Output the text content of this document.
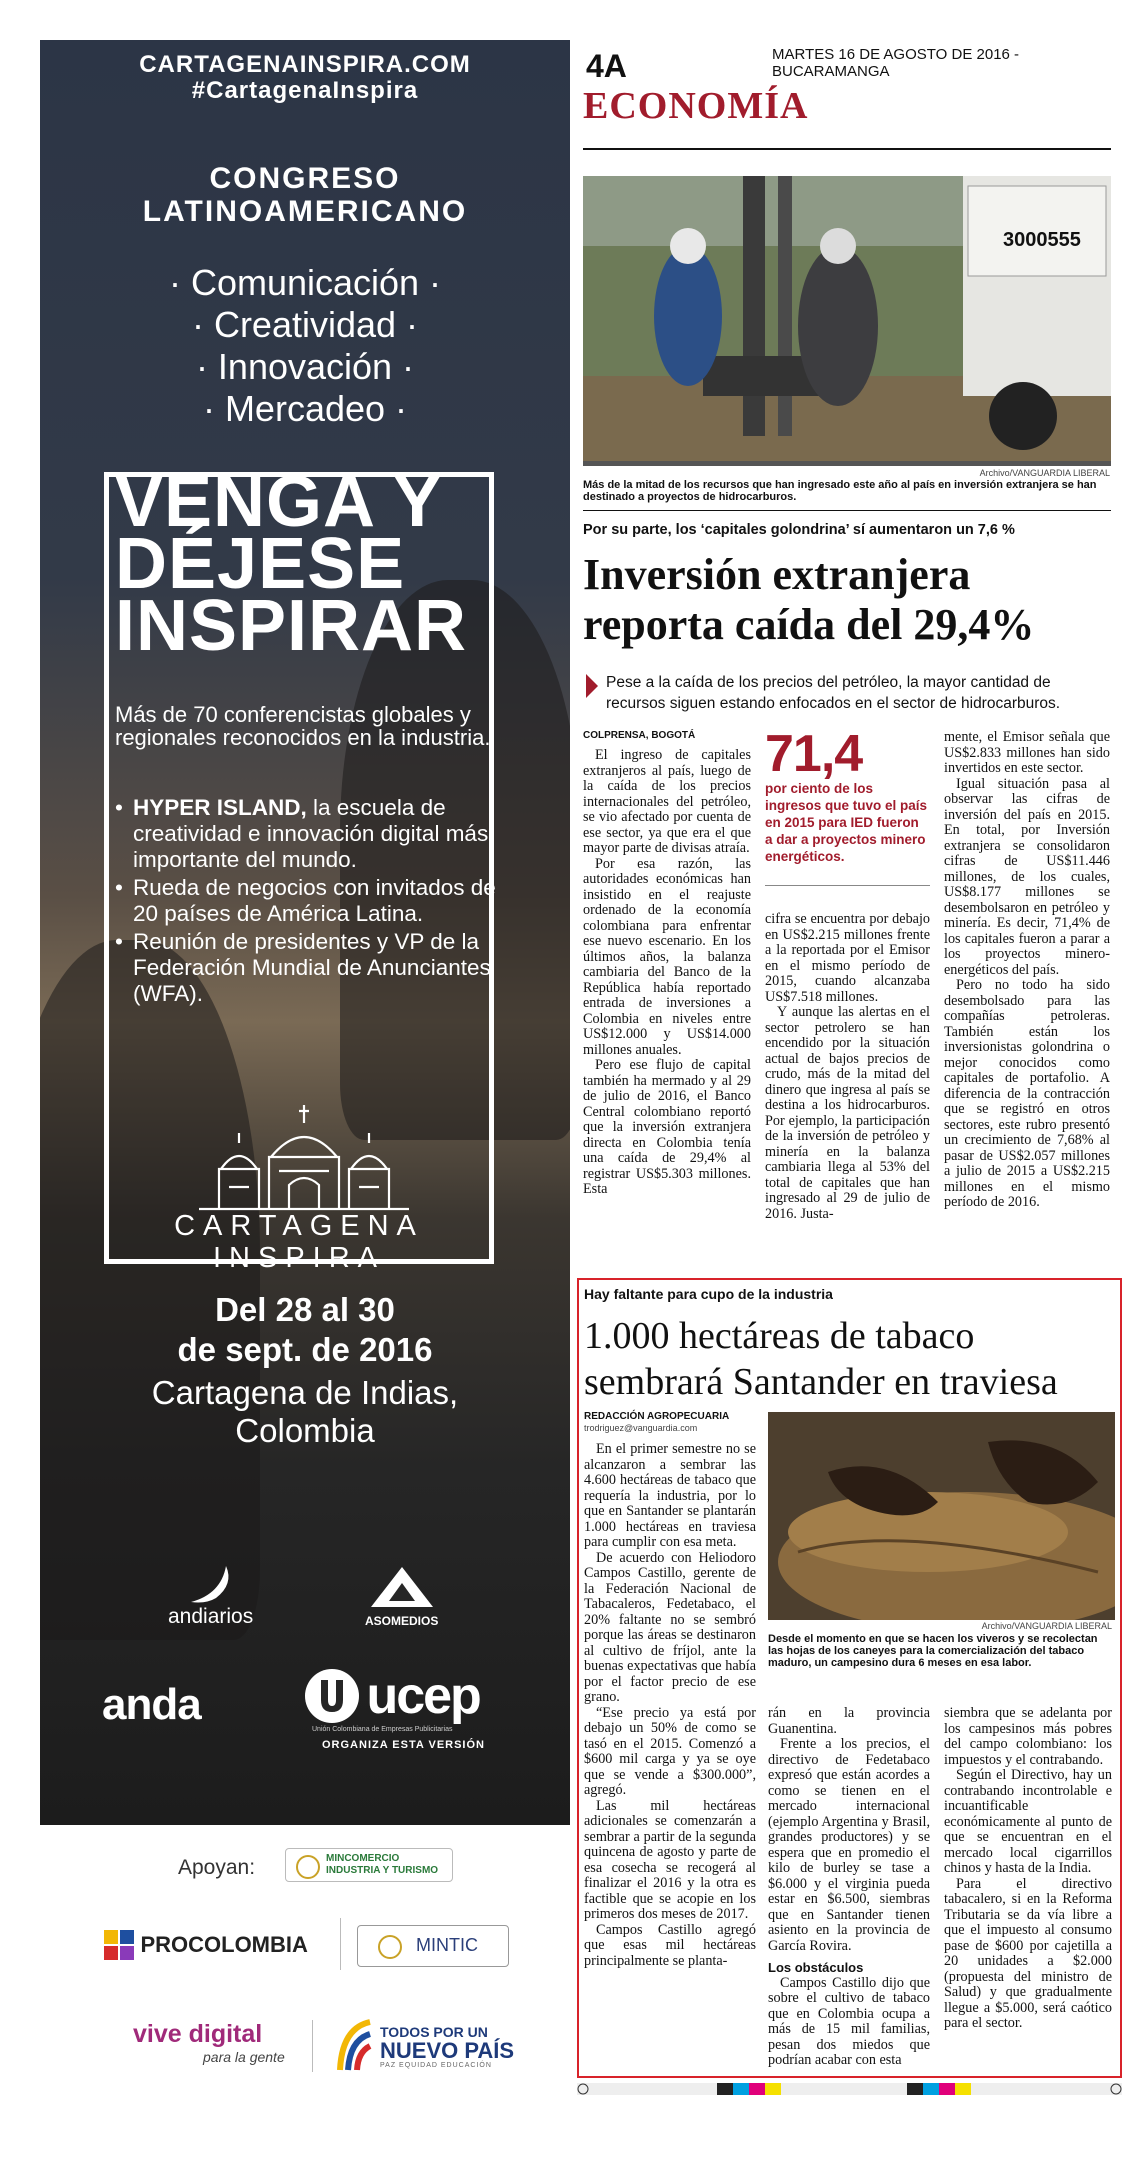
CARTAGENAINSPIRA.COM
#CartagenaInspira
CONGRESO
LATINOAMERICANO
· Comunicación ·
· Creatividad ·
· Innovación ·
· Mercadeo ·
VENGA Y
DÉJESE
INSPIRAR
Más de 70 conferencistas globales y regionales reconocidos en la industria.
• HYPER ISLAND, la escuela de creatividad e innovación digital más importante del mundo.
• Rueda de negocios con invitados de 20 países de América Latina.
• Reunión de presidentes y VP de la Federación Mundial de Anunciantes (WFA).
CARTAGENA
INSPIRA
Del 28 al 30
de sept. de 2016
Cartagena de Indias,
Colombia
andiarios	ASOMEDIOS
anda	ucep
Unión Colombiana de Empresas Publicitarias
ORGANIZA ESTA VERSIÓN
Apoyan:	MINCOMERCIO INDUSTRIA Y TURISMO
PROCOLOMBIA	MINTIC
vive digital
para la gente
TODOS POR UN
NUEVO PAÍS
PAZ EQUIDAD EDUCACIÓN
4A	MARTES 16 DE AGOSTO DE 2016 - BUCARAMANGA
ECONOMÍA
3000555
Archivo/VANGUARDIA LIBERAL
Más de la mitad de los recursos que han ingresado este año al país en inversión extranjera se han destinado a proyectos de hidrocarburos.
Por su parte, los ‘capitales golondrina’ sí aumentaron un 7,6 %
Inversión extranjera
reporta caída del 29,4%
Pese a la caída de los precios del petróleo, la mayor cantidad de recursos siguen estando enfocados en el sector de hidrocarburos.
COLPRENSA, BOGOTÁ

El ingreso de capitales extranjeros al país, luego de la caída de los precios internacionales del petróleo, se vio afectado por cuenta de ese sector, ya que era el que mayor parte de divisas atraía.

Por esa razón, las autoridades económicas han insistido en el reajuste ordenado de la economía colombiana para enfrentar ese nuevo escenario. En los últimos años, la balanza cambiaria del Banco de la República había reportado entrada de inversiones a Colombia en niveles entre US$12.000 y US$14.000 millones anuales.

Pero ese flujo de capital también ha mermado y al 29 de julio de 2016, el Banco Central colombiano reportó que la inversión extranjera directa en Colombia tenía una caída de 29,4% al registrar US$5.303 millones. Esta

71,4
por ciento de los ingresos que tuvo el país en 2015 para IED fueron a dar a proyectos minero energéticos.

cifra se encuentra por debajo en US$2.215 millones frente a la reportada por el Emisor en el mismo período de 2015, cuando alcanzaba US$7.518 millones.

Y aunque las alertas en el sector petrolero se han encendido por la situación actual de bajos precios de crudo, más de la mitad del dinero que ingresa al país se destina a los hidrocarburos. Por ejemplo, la participación de la inversión de petróleo y minería en la balanza cambiaria llega al 53% del total de capitales que han ingresado al 29 de julio de 2016. Justa-

mente, el Emisor señala que US$2.833 millones han sido invertidos en este sector.

Igual situación pasa al observar las cifras de inversión del país en 2015. En total, por Inversión extranjera se consolidaron cifras de US$11.446 millones, de los cuales, US$8.177 millones se desembolsaron en petróleo y minería. Es decir, 71,4% de los capitales fueron a parar a los proyectos minero-energéticos del país.

Pero no todo ha sido desembolsado para las compañías petroleras. También están los inversionistas golondrina o mejor conocidos como capitales de portafolio. A diferencia de la contracción que se registró en otros sectores, este rubro presentó un crecimiento de 7,68% al pasar de US$2.057 millones a julio de 2015 a US$2.215 millones en el mismo período de 2016.

Hay faltante para cupo de la industria
1.000 hectáreas de tabaco
sembrará Santander en traviesa
REDACCIÓN AGROPECUARIA
trodriguez@vanguardia.com
Archivo/VANGUARDIA LIBERAL
Desde el momento en que se hacen los viveros y se recolectan las hojas de los caneyes para la comercialización del tabaco maduro, un campesino dura 6 meses en esa labor.

En el primer semestre no se alcanzaron a sembrar las 4.600 hectáreas de tabaco que requería la industria, por lo que en Santander se plantarán 1.000 hectáreas en traviesa para cumplir con esa meta.

De acuerdo con Heliodoro Campos Castillo, gerente de la Federación Nacional de Tabacaleros, Fedetabaco, el 20% faltante no se sembró porque las áreas se destinaron al cultivo de fríjol, ante la buenas expectativas que había por el factor precio de ese grano.

“Ese precio ya está por debajo un 50% de como se tasó en el 2015. Comenzó a $600 mil carga y ya se oye que se vende a $300.000”, agregó.

Las mil hectáreas adicionales se comenzarán a sembrar a partir de la segunda quincena de agosto y parte de esa cosecha se recogerá al finalizar el 2016 y la otra es factible que se acopie en los primeros dos meses de 2017.

Campos Castillo agregó que esas mil hectáreas principalmente se planta-

rán en la provincia Guanentina.

Frente a los precios, el directivo de Fedetabaco expresó que están acordes a como se tienen en el mercado internacional (ejemplo Argentina y Brasil, grandes productores) y se espera que en promedio el kilo de burley se tase a $6.000 y el virginia pueda estar en $6.500, siembras que en Santander tienen asiento en la provincia de García Rovira.

Los obstáculos

Campos Castillo dijo que sobre el cultivo de tabaco que en Colombia ocupa a más de 15 mil familias, pesan dos miedos que podrían acabar con esta

siembra que se adelanta por los campesinos más pobres del campo colombiano: los impuestos y el contrabando.

Según el Directivo, hay un contrabando incontrolable e incuantificable económicamente al punto de que se encuentran en el mercado local cigarrillos chinos y hasta de la India.

Para el directivo tabacalero, si en la Reforma Tributaria se da vía libre a que el impuesto al consumo pase de $600 por cajetilla a 20 unidades a $2.000 (propuesta del ministro de Salud) y que gradualmente llegue a $5.000, será caótico para el sector.
